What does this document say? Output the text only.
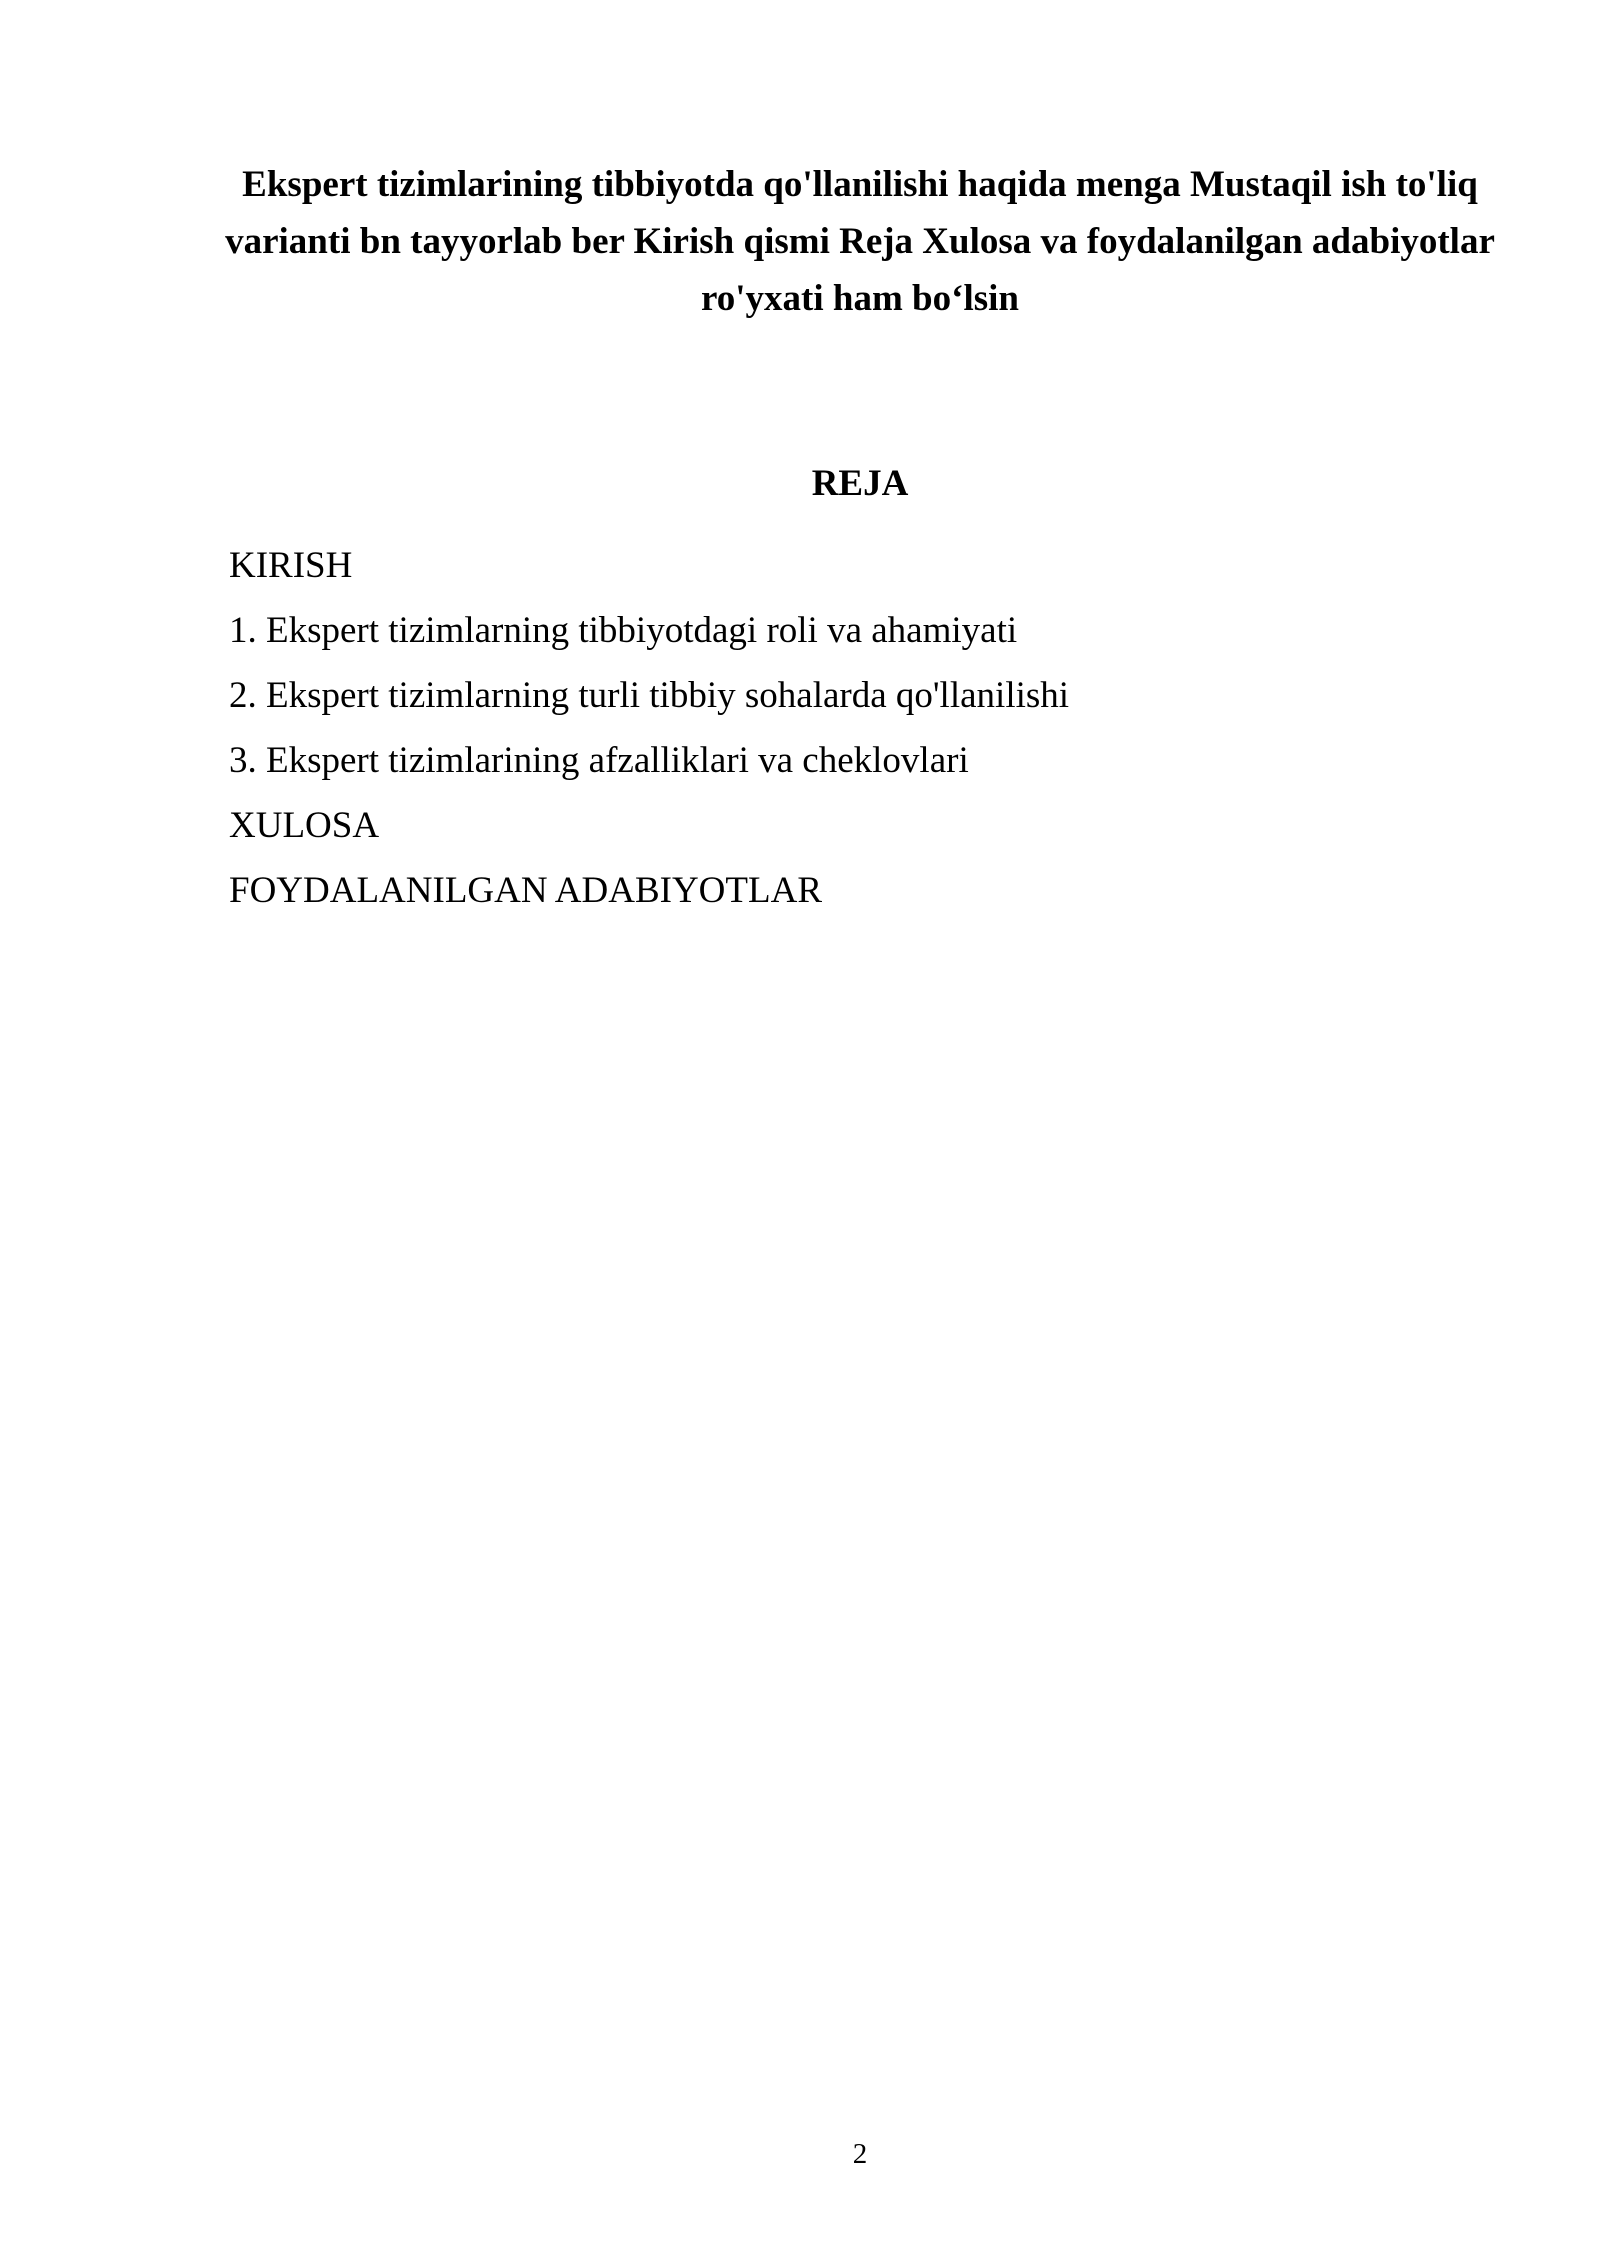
Ekspert tizimlarining tibbiyotda qo'llanilishi haqida menga Mustaqil ish to'liq varianti bn tayyorlab ber Kirish qismi Reja Xulosa va foydalanilgan adabiyotlar ro'yxati ham bo‘lsin
REJA
KIRISH
1. Ekspert tizimlarning tibbiyotdagi roli va ahamiyati
2. Ekspert tizimlarning turli tibbiy sohalarda qo'llanilishi
3. Ekspert tizimlarining afzalliklari va cheklovlari
XULOSA
FOYDALANILGAN ADABIYOTLAR
2
